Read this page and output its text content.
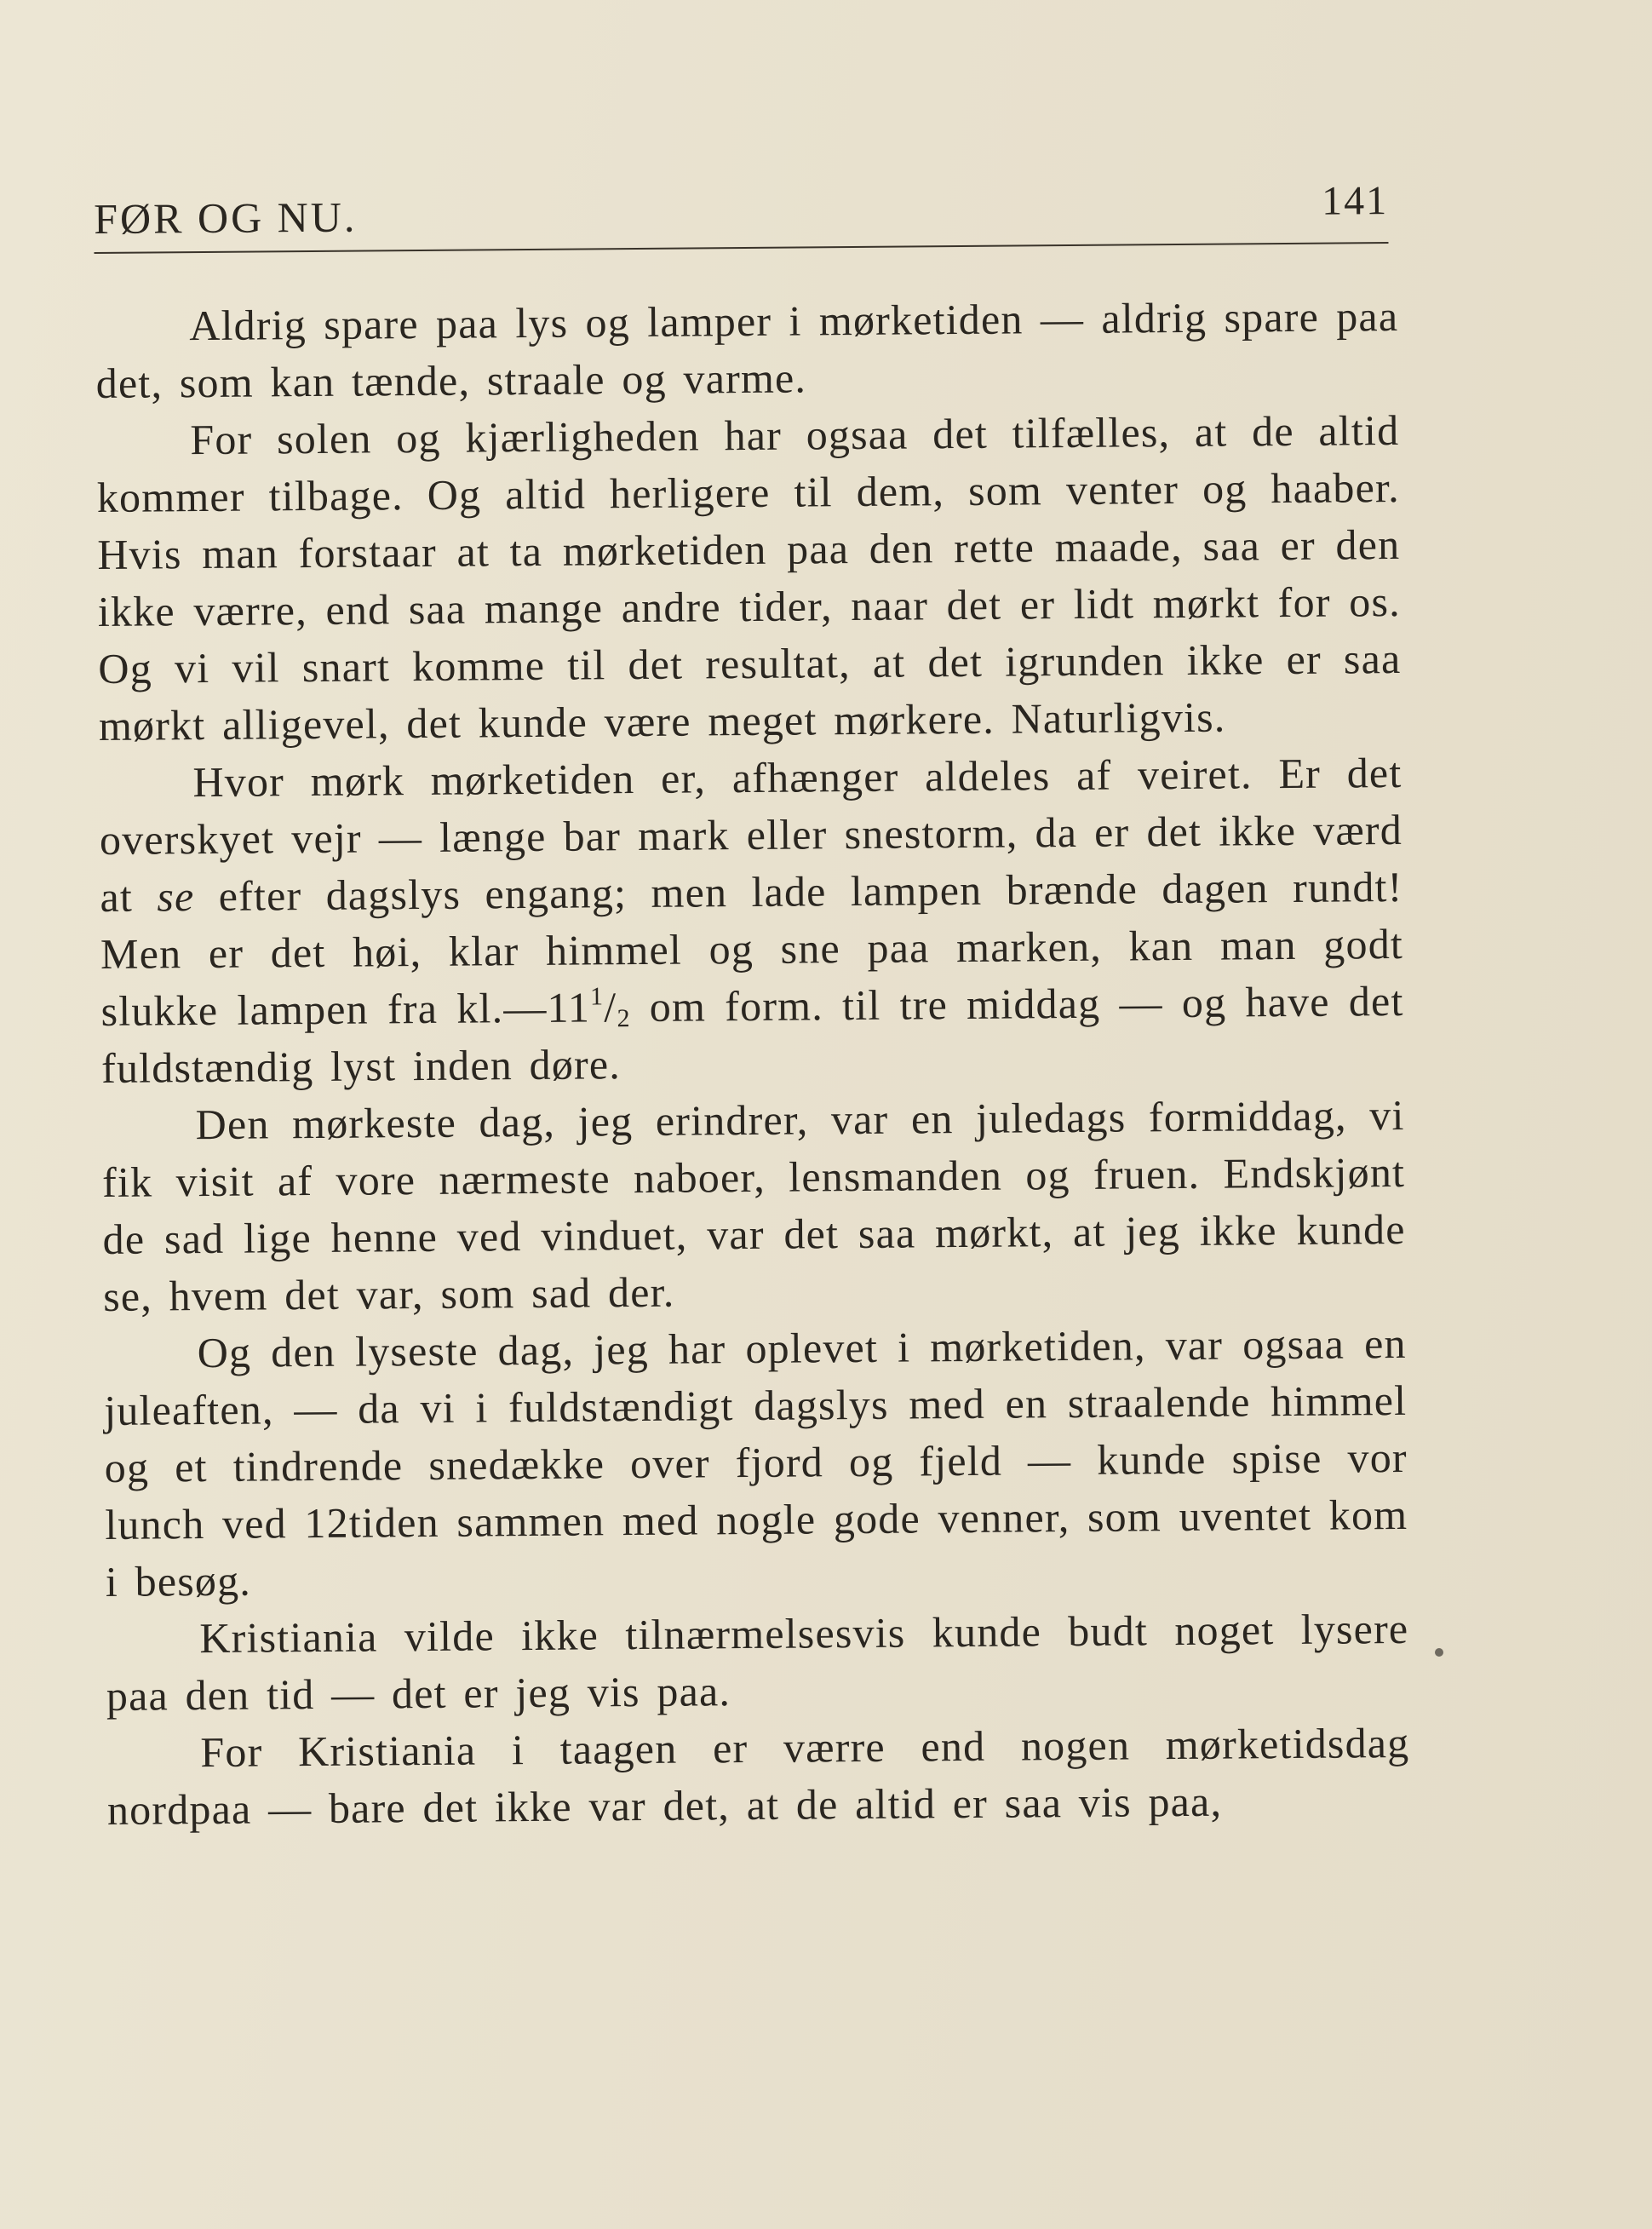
FØR OG NU.	141

Aldrig spare paa lys og lamper i mørketiden — aldrig spare paa det, som kan tænde, straale og varme.

For solen og kjærligheden har ogsaa det tilfælles, at de altid kommer tilbage. Og altid herligere til dem, som venter og haaber. Hvis man forstaar at ta mørketiden paa den rette maade, saa er den ikke værre, end saa mange andre tider, naar det er lidt mørkt for os. Og vi vil snart komme til det resultat, at det igrunden ikke er saa mørkt alligevel, det kunde være meget mørkere. Naturligvis.

Hvor mørk mørketiden er, afhænger aldeles af veiret. Er det overskyet vejr — længe bar mark eller snestorm, da er det ikke værd at se efter dagslys engang; men lade lampen brænde dagen rundt! Men er det høi, klar himmel og sne paa marken, kan man godt slukke lampen fra $kl.—11^1/_2$ om form. til tre middag — og have det fuldstændig lyst inden døre.

Den mørkeste dag, jeg erindrer, var en juledags formiddag, vi fik visit af vore nærmeste naboer, lensmanden og fruen. Endskjønt de sad lige henne ved vinduet, var det saa mørkt, at jeg ikke kunde se, hvem det var, som sad der.

Og den lyseste dag, jeg har oplevet i mørketiden, var ogsaa en juleaften, — da vi i fuldstændigt dagslys med en straalende himmel og et tindrende snedække over fjord og fjeld — kunde spise vor lunch ved 12tiden sammen med nogle gode venner, som uventet kom i besøg.

Kristiania vilde ikke tilnærmelsesvis kunde budt noget lysere paa den tid — det er jeg vis paa.

For Kristiania i taagen er værre end nogen mørketidsdag nordpaa — bare det ikke var det, at de altid er saa vis paa,
